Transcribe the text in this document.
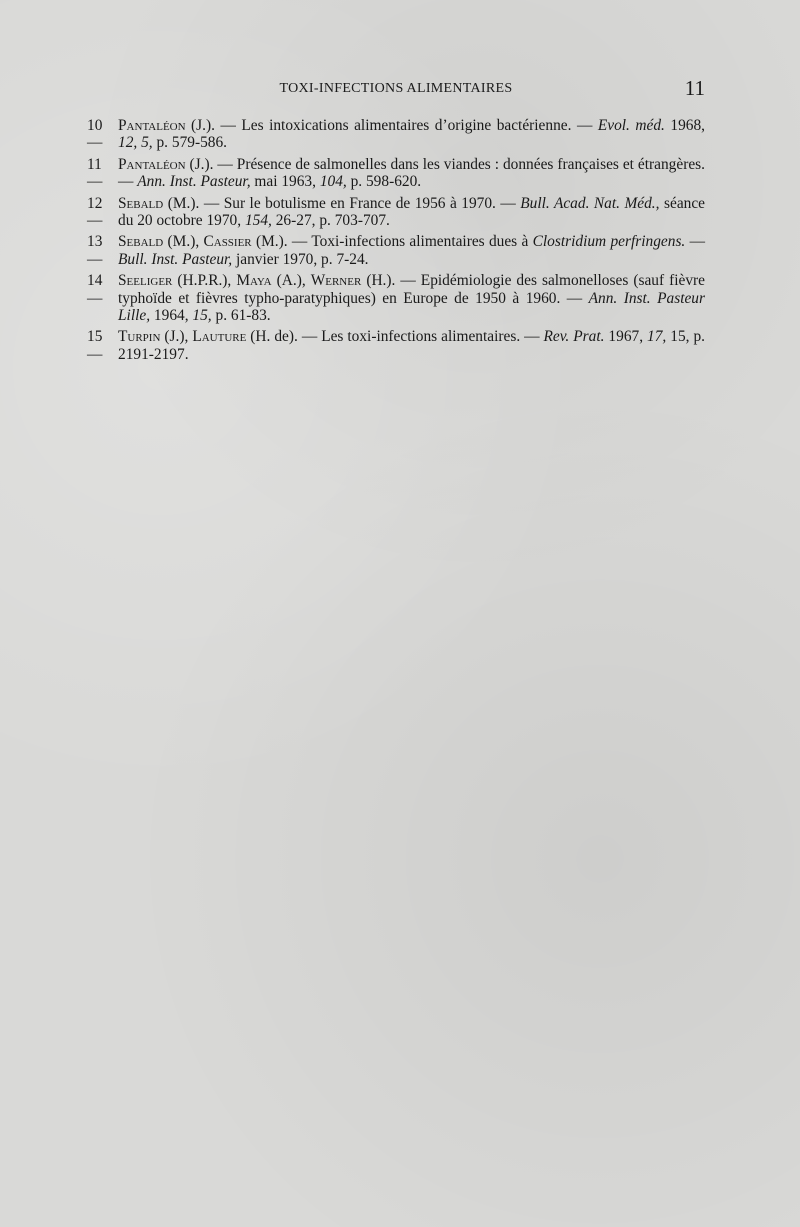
TOXI-INFECTIONS ALIMENTAIRES	11
10 —
Pantaléon (J.). — Les intoxications alimentaires d’origine bactérienne. — Evol. méd. 1968, 12, 5, p. 579-586.
11 —
Pantaléon (J.). — Présence de salmonelles dans les viandes : données françaises et étrangères. — Ann. Inst. Pasteur, mai 1963, 104, p. 598-620.
12 —
Sebald (M.). — Sur le botulisme en France de 1956 à 1970. — Bull. Acad. Nat. Méd., séance du 20 octobre 1970, 154, 26-27, p. 703-707.
13 —
Sebald (M.), Cassier (M.). — Toxi-infections alimentaires dues à Clostridium perfringens. — Bull. Inst. Pasteur, janvier 1970, p. 7-24.
14 —
Seeliger (H.P.R.), Maya (A.), Werner (H.). — Epidémiologie des salmonelloses (sauf fièvre typhoïde et fièvres typho-paratyphiques) en Europe de 1950 à 1960. — Ann. Inst. Pasteur Lille, 1964, 15, p. 61-83.
15 —
Turpin (J.), Lauture (H. de). — Les toxi-infections alimentaires. — Rev. Prat. 1967, 17, 15, p. 2191-2197.
